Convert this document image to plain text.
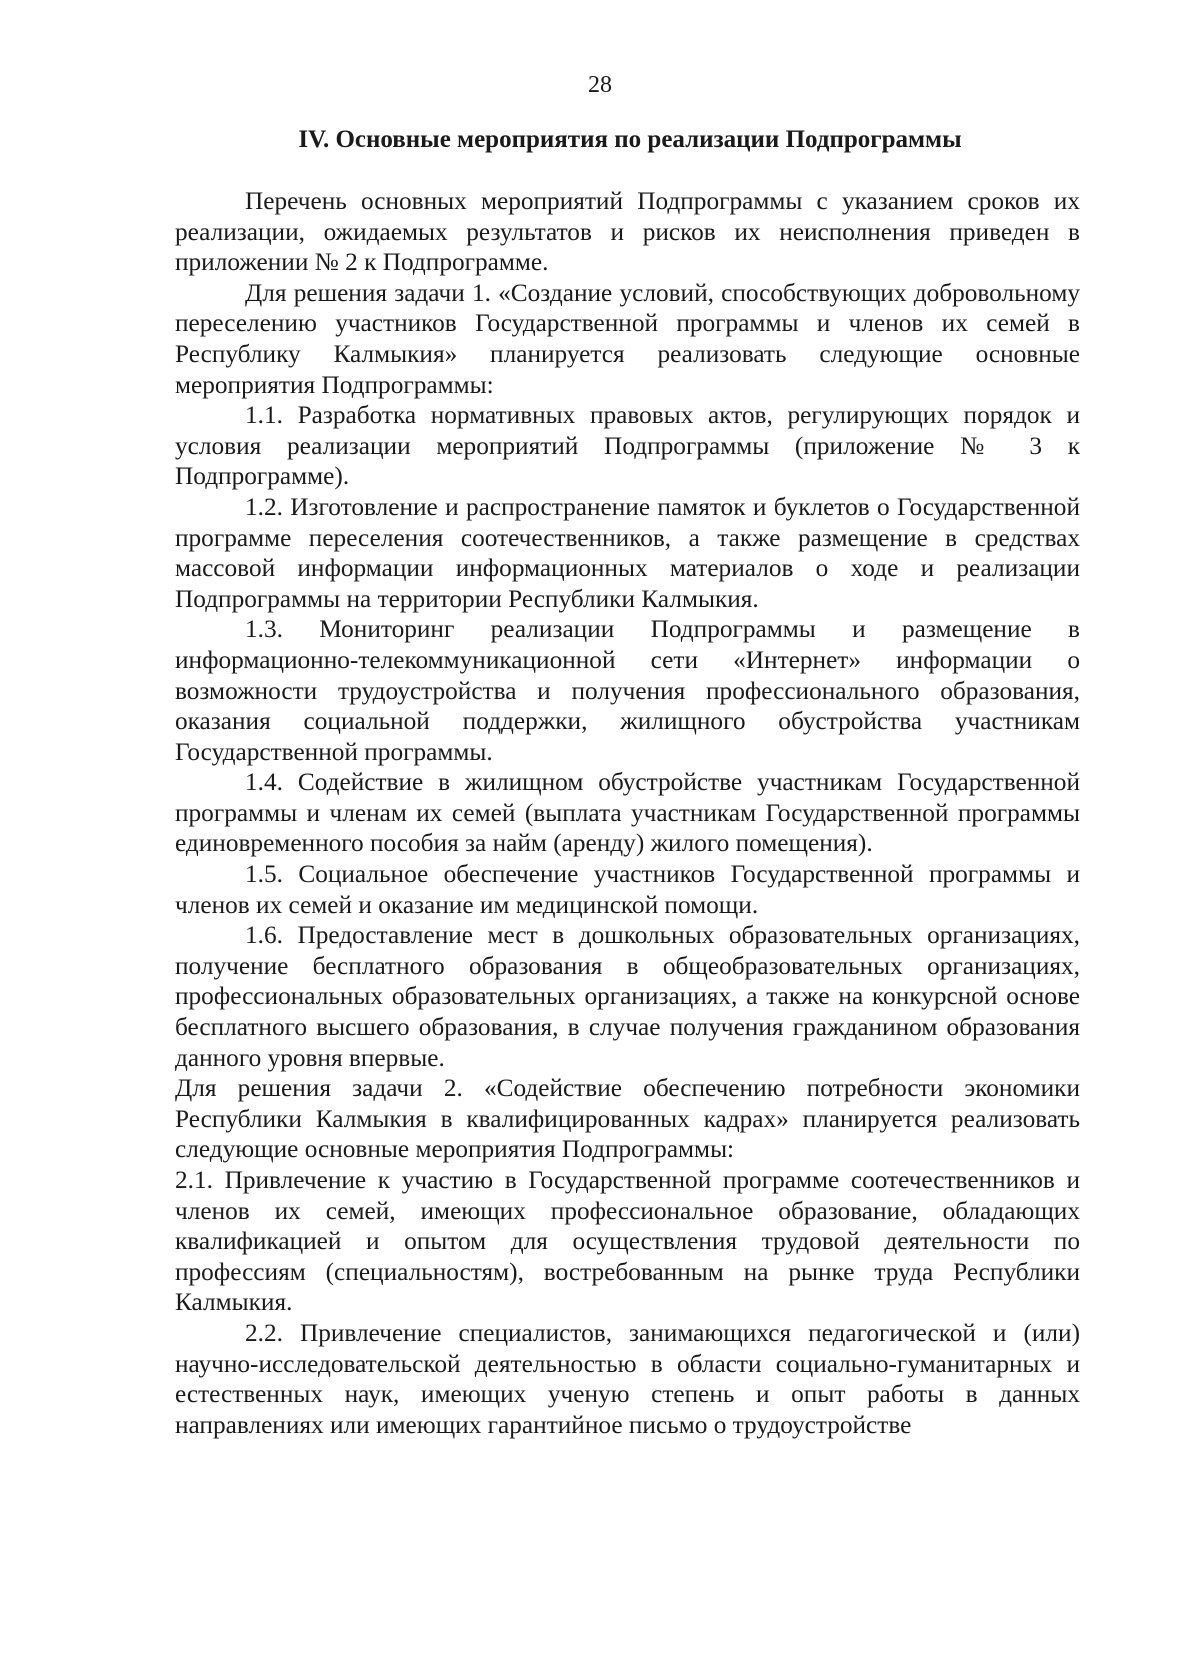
28
IV. Основные мероприятия по реализации Подпрограммы

Перечень основных мероприятий Подпрограммы с указанием сроков их реализации, ожидаемых результатов и рисков их неисполнения приведен в приложении № 2 к Подпрограмме.

Для решения задачи 1. «Создание условий, способствующих добровольному переселению участников Государственной программы и членов их семей в Республику Калмыкия» планируется реализовать следующие основные мероприятия Подпрограммы:

1.1. Разработка нормативных правовых актов, регулирующих порядок и условия реализации мероприятий Подпрограммы (приложение № 3 к Подпрограмме).

1.2. Изготовление и распространение памяток и буклетов о Государственной программе переселения соотечественников, а также размещение в средствах массовой информации информационных материалов о ходе и реализации Подпрограммы на территории Республики Калмыкия.

1.3. Мониторинг реализации Подпрограммы и размещение в информационно-телекоммуникационной сети «Интернет» информации о возможности трудоустройства и получения профессионального образования, оказания социальной поддержки, жилищного обустройства участникам Государственной программы.

1.4. Содействие в жилищном обустройстве участникам Государственной программы и членам их семей (выплата участникам Государственной программы единовременного пособия за найм (аренду) жилого помещения).

1.5. Социальное обеспечение участников Государственной программы и членов их семей и оказание им медицинской помощи.

1.6. Предоставление мест в дошкольных образовательных организациях, получение бесплатного образования в общеобразовательных организациях, профессиональных образовательных организациях, а также на конкурсной основе бесплатного высшего образования, в случае получения гражданином образования данного уровня впервые.

Для решения задачи 2. «Содействие обеспечению потребности экономики Республики Калмыкия в квалифицированных кадрах» планируется реализовать следующие основные мероприятия Подпрограммы:

2.1. Привлечение к участию в Государственной программе соотечественников и членов их семей, имеющих профессиональное образование, обладающих квалификацией и опытом для осуществления трудовой деятельности по профессиям (специальностям), востребованным на рынке труда Республики Калмыкия.

2.2. Привлечение специалистов, занимающихся педагогической и (или) научно-исследовательской деятельностью в области социально-гуманитарных и естественных наук, имеющих ученую степень и опыт работы в данных направлениях или имеющих гарантийное письмо о трудоустройстве
